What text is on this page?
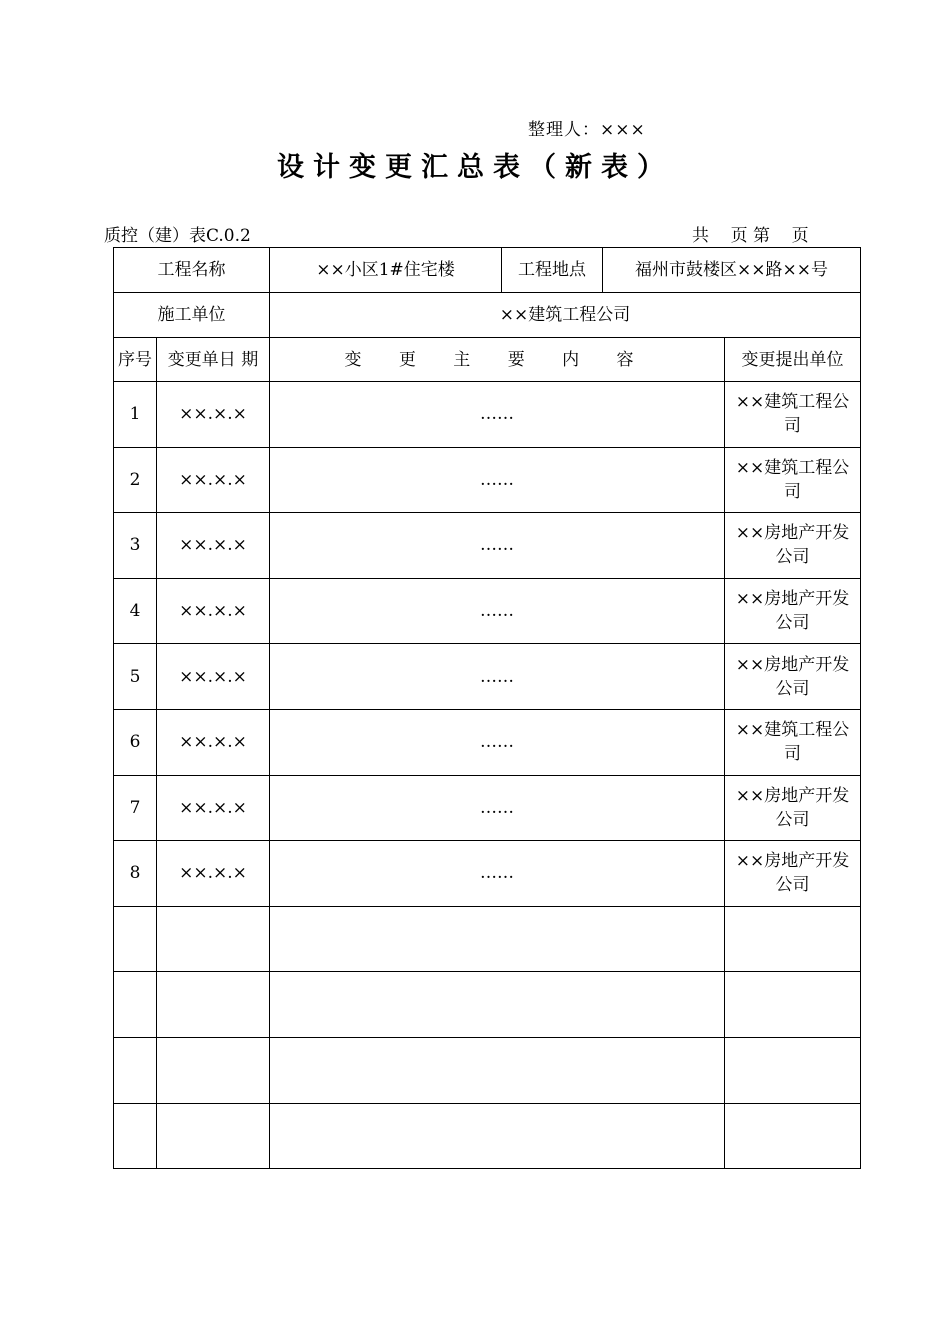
整理人：×××
设计变更汇总表（新表）
质控（建）表C.0.2	共    页 第    页
工程名称		××小区1#住宅楼	工程地点	福州市鼓楼区××路××号	
施工单位		××建筑工程公司			
序号	变更单日 期	变 更 主 要 内 容			变更提出单位
1	××.×.×	……			××建筑工程公司
2	××.×.×	……			××建筑工程公司
3	××.×.×	……			××房地产开发公司
4	××.×.×	……			××房地产开发公司
5	××.×.×	……			××房地产开发公司
6	××.×.×	……			××建筑工程公司
7	××.×.×	……			××房地产开发公司
8	××.×.×	……			××房地产开发公司
